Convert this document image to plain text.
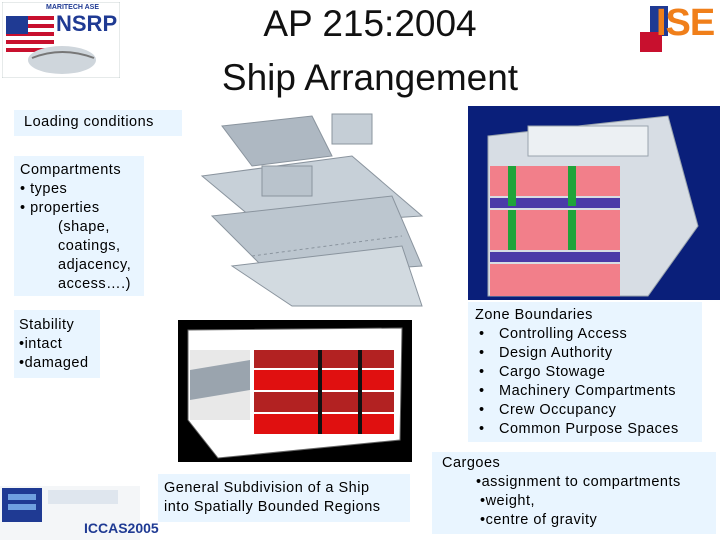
MARITECH ASE
NSRP	AP 215:2004
Ship Arrangement
ISE
Loading conditions
Compartments
• types
• properties
(shape,
coatings,
adjacency,
access….)
Stability
•intact
•damaged
Zone Boundaries
• Controlling Access
• Design Authority
• Cargo Stowage
• Machinery Compartments
• Crew Occupancy
• Common Purpose Spaces
General Subdivision of a Ship
into Spatially Bounded Regions
Cargoes
•assignment to compartments
•weight,
•centre of gravity
ICCAS2005
